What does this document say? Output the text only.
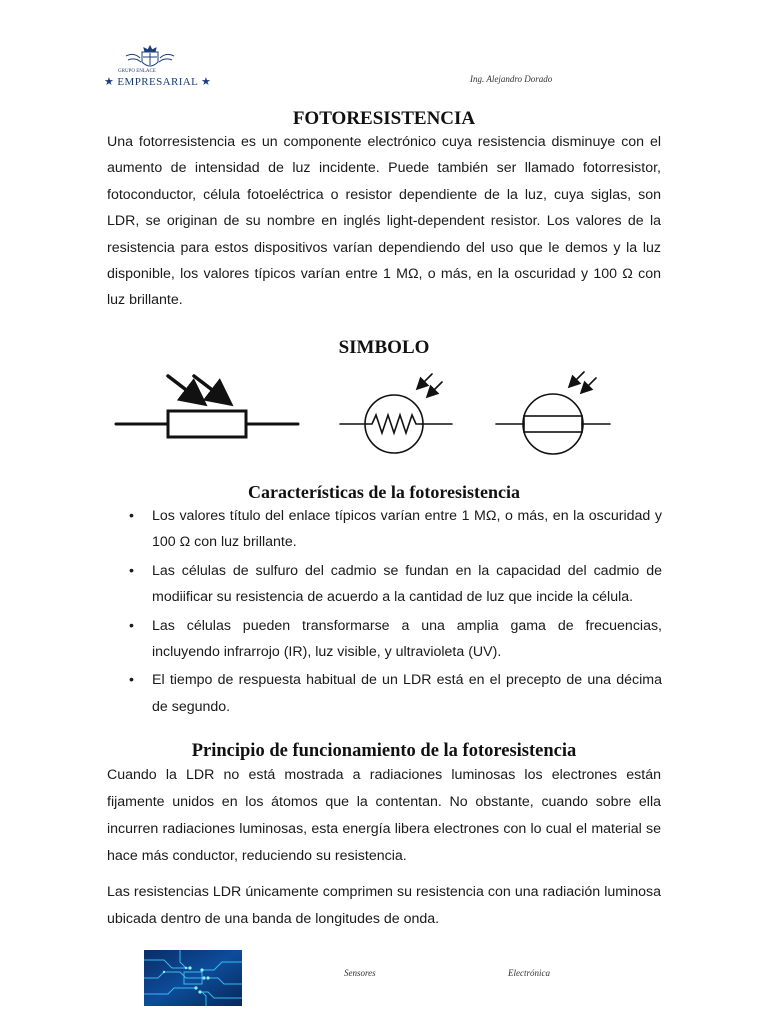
GRUPO ENLACE
★ EMPRESARIAL ★	Ing. Alejandro Dorado
FOTORESISTENCIA
Una fotorresistencia es un componente electrónico cuya resistencia disminuye con el aumento de intensidad de luz incidente. Puede también ser llamado fotorresistor, fotoconductor, célula fotoeléctrica o resistor dependiente de la luz, cuya siglas, son LDR, se originan de su nombre en inglés light-dependent resistor. Los valores de la resistencia para estos dispositivos varían dependiendo del uso que le demos y la luz disponible, los valores típicos varían entre 1 MΩ, o más, en la oscuridad y 100 Ω con luz brillante.
SIMBOLO
Características de la fotoresistencia
• Los valores título del enlace típicos varían entre 1 MΩ, o más, en la oscuridad y 100 Ω con luz brillante.
• Las células de sulfuro del cadmio se fundan en la capacidad del cadmio de modiificar su resistencia de acuerdo a la cantidad de luz que incide la célula.
• Las células pueden transformarse a una amplia gama de frecuencias, incluyendo infrarrojo (IR), luz visible, y ultravioleta (UV).
• El tiempo de respuesta habitual de un LDR está en el precepto de una décima de segundo.
Principio de funcionamiento de la fotoresistencia
Cuando la LDR no está mostrada a radiaciones luminosas los electrones están fijamente unidos en los átomos que la contentan. No obstante, cuando sobre ella incurren radiaciones luminosas, esta energía libera electrones con lo cual el material se hace más conductor, reduciendo su resistencia.
Las resistencias LDR únicamente comprimen su resistencia con una radiación luminosa ubicada dentro de una banda de longitudes de onda.
Sensores	Electrónica
